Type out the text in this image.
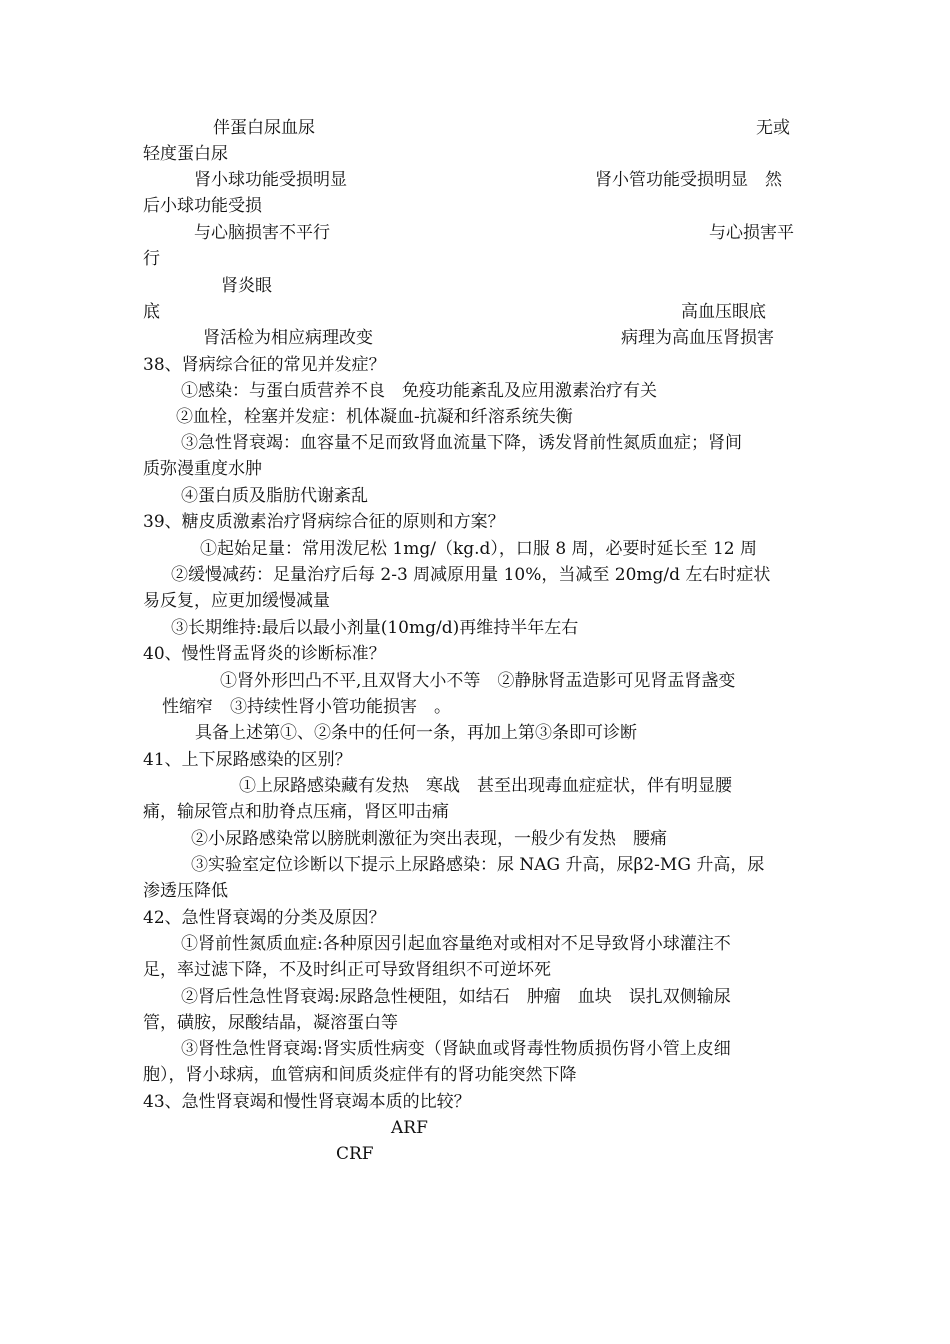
伴蛋白尿血尿	无或
轻度蛋白尿
肾小球功能受损明显	肾小管功能受损明显　然
后小球功能受损
与心脑损害不平行	与心损害平
行
肾炎眼
底	高血压眼底
肾活检为相应病理改变	病理为高血压肾损害
38、肾病综合征的常见并发症？
①感染：与蛋白质营养不良　免疫功能紊乱及应用激素治疗有关
②血栓，栓塞并发症：机体凝血-抗凝和纤溶系统失衡
③急性肾衰竭：血容量不足而致肾血流量下降，诱发肾前性氮质血症；肾间
质弥漫重度水肿
④蛋白质及脂肪代谢紊乱
39、糖皮质激素治疗肾病综合征的原则和方案？
①起始足量：常用泼尼松 1mg/（kg.d），口服 8 周，必要时延长至 12 周
②缓慢减药：足量治疗后每 2-3 周减原用量 10%，当减至 20mg/d 左右时症状
易反复，应更加缓慢减量
③长期维持:最后以最小剂量(10mg/d)再维持半年左右
40、慢性肾盂肾炎的诊断标准？
①肾外形凹凸不平,且双肾大小不等　②静脉肾盂造影可见肾盂肾盏变
性缩窄　③持续性肾小管功能损害　。
具备上述第①、②条中的任何一条，再加上第③条即可诊断
41、上下尿路感染的区别？
①上尿路感染藏有发热　寒战　甚至出现毒血症症状，伴有明显腰
痛，输尿管点和肋脊点压痛，肾区叩击痛
②小尿路感染常以膀胱刺激征为突出表现，一般少有发热　腰痛
③实验室定位诊断以下提示上尿路感染：尿 NAG 升高，尿β2-MG 升高，尿
渗透压降低
42、急性肾衰竭的分类及原因？
①肾前性氮质血症:各种原因引起血容量绝对或相对不足导致肾小球灌注不
足，率过滤下降，不及时纠正可导致肾组织不可逆坏死
②肾后性急性肾衰竭:尿路急性梗阻，如结石　肿瘤　血块　误扎双侧输尿
管，磺胺，尿酸结晶，凝溶蛋白等
③肾性急性肾衰竭:肾实质性病变（肾缺血或肾毒性物质损伤肾小管上皮细
胞），肾小球病，血管病和间质炎症伴有的肾功能突然下降
43、急性肾衰竭和慢性肾衰竭本质的比较？
ARF
CRF
